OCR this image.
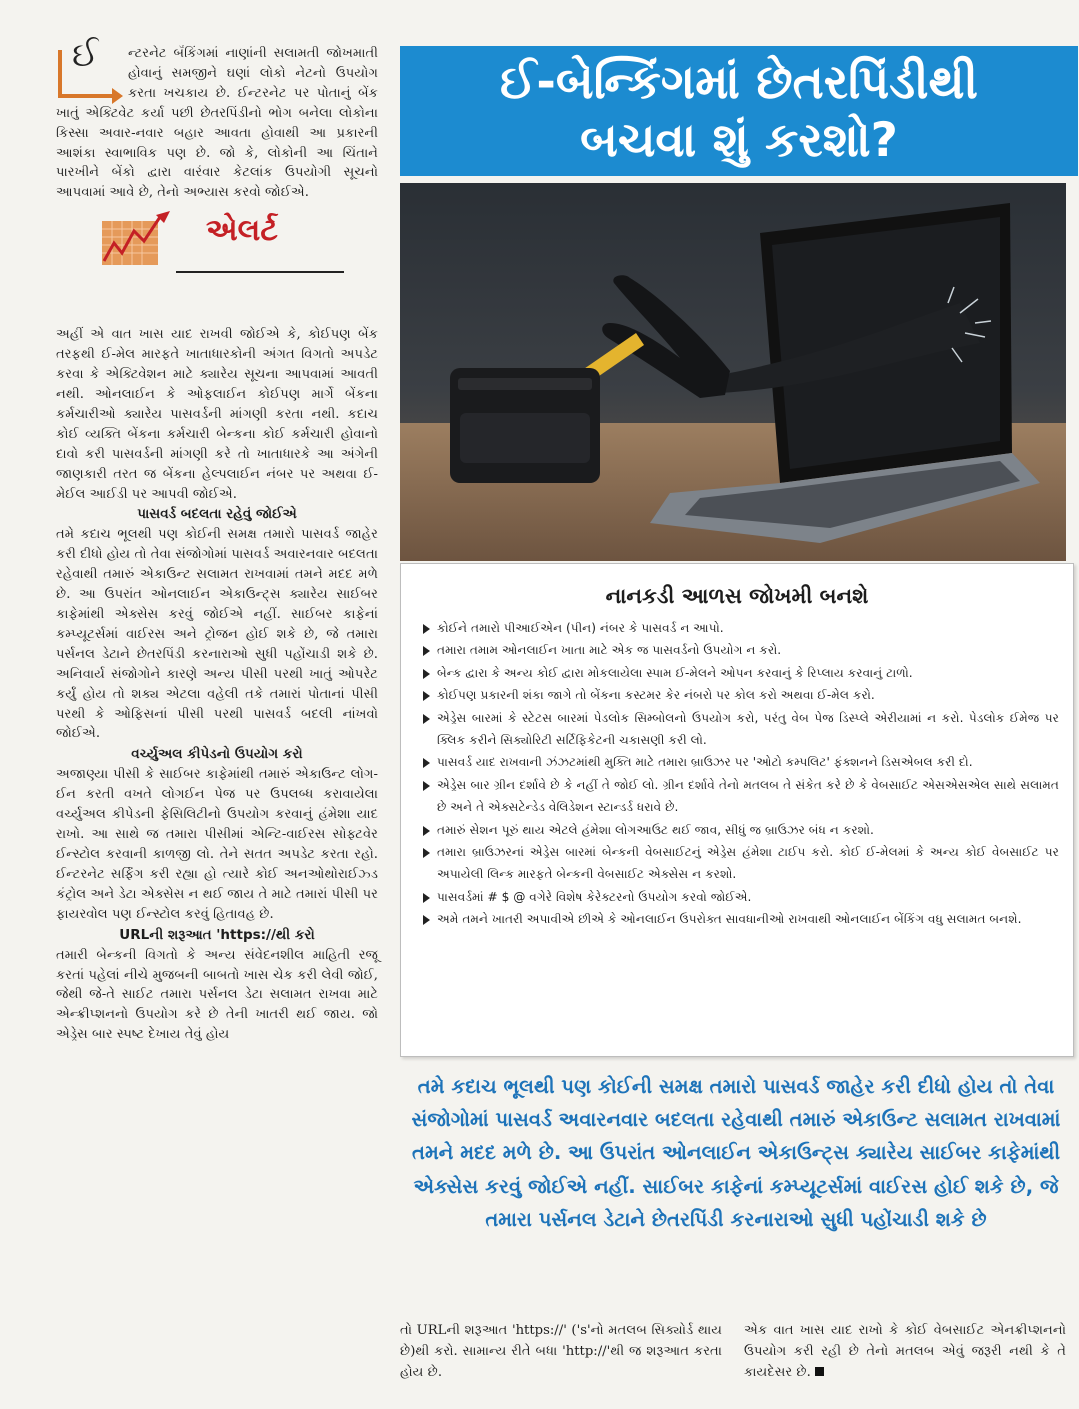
ઈ ન્ટરનેટ બૅંકિંગમાં નાણાંની સલામતી જોખમાતી હોવાનું સમજીને ઘણાં લોકો નેટનો ઉપયોગ કરતા ખચકાય છે. ઈન્ટરનેટ પર પોતાનું બેંક ખાતું એક્ટિવેટ કર્યા પછી છેતરપિંડીનો ભોગ બનેલા લોકોના કિસ્સા અવાર-નવાર બહાર આવતા હોવાથી આ પ્રકારની આશંકા સ્વાભાવિક પણ છે. જો કે, લોકોની આ ચિંતાને પારખીને બેંકો દ્વારા વારંવાર કેટલાંક ઉપયોગી સૂચનો આપવામાં આવે છે, તેનો અભ્યાસ કરવો જોઈએ.
એલર્ટ

અહીં એ વાત ખાસ યાદ રાખવી જોઈએ કે, કોઈપણ બેંક તરફથી ઈ-મેલ મારફતે ખાતાધારકોની અંગત વિગતો અપડેટ કરવા કે એક્ટિવેશન માટે ક્યારેય સૂચના આપવામાં આવતી નથી. ઓનલાઈન કે ઓફલાઈન કોઈપણ માર્ગે બેંકના કર્મચારીઓ ક્યારેય પાસવર્ડની માંગણી કરતા નથી. કદાચ કોઈ વ્યક્તિ બેંકના કર્મચારી બેન્કના કોઈ કર્મચારી હોવાનો દાવો કરી પાસવર્ડની માંગણી કરે તો ખાતાધારકે આ અંગેની જાણકારી તરત જ બેંકના હેલ્પલાઈન નંબર પર અથવા ઈ-મેઈલ આઈડી પર આપવી જોઈએ.

પાસવર્ડ બદલતા રહેવું જોઈએ

તમે કદાચ ભૂલથી પણ કોઈની સમક્ષ તમારો પાસવર્ડ જાહેર કરી દીધો હોય તો તેવા સંજોગોમાં પાસવર્ડ અવારનવાર બદલતા રહેવાથી તમારું એકાઉન્ટ સલામત રાખવામાં તમને મદદ મળે છે. આ ઉપરાંત ઓનલાઈન એકાઉન્ટ્સ ક્યારેય સાઈબર કાફેમાંથી એક્સેસ કરવું જોઈએ નહીં. સાઈબર કાફેનાં કમ્પ્યૂટર્સમાં વાઈરસ અને ટ્રોજન હોઈ શકે છે, જે તમારા પર્સનલ ડેટાને છેતરપિંડી કરનારાઓ સુધી પહોંચાડી શકે છે. અનિવાર્ય સંજોગોને કારણે અન્ય પીસી પરથી ખાતું ઓપરેટ કર્યું હોય તો શક્ય એટલા વહેલી તકે તમારાં પોતાનાં પીસી પરથી કે ઓફિસનાં પીસી પરથી પાસવર્ડ બદલી નાંખવો જોઈએ.

વર્ચ્યુઅલ કીપેડનો ઉપયોગ કરો

અજાણ્યા પીસી કે સાઈબર કાફેમાંથી તમારું એકાઉન્ટ લોગ-ઈન કરતી વખતે લોગઈન પેજ પર ઉપલબ્ધ કરાવાયેલા વર્ચ્યુઅલ કીપેડની ફેસિલિટીનો ઉપયોગ કરવાનું હંમેશા યાદ રાખો. આ સાથે જ તમારા પીસીમાં એન્ટિ-વાઈરસ સોફ્ટવેર ઈન્સ્ટોલ કરવાની કાળજી લો. તેને સતત અપડેટ કરતા રહો. ઈન્ટરનેટ સર્ફિંગ કરી રહ્યા હો ત્યારે કોઈ અનઓથોરાઈઝ્ડ કંટ્રોલ અને ડેટા એક્સેસ ન થઈ જાય તે માટે તમારાં પીસી પર ફાયરવોલ પણ ઈન્સ્ટોલ કરવું હિતાવહ છે.

URLની શરૂઆત 'https://થી કરો

તમારી બેન્કની વિગતો કે અન્ય સંવેદનશીલ માહિતી રજૂ કરતાં પહેલાં નીચે મુજબની બાબતો ખાસ ચેક કરી લેવી જોઈ, જેથી જે-તે સાઈટ તમારા પર્સનલ ડેટા સલામત રાખવા માટે એન્ક્રીપ્શનનો ઉપયોગ કરે છે તેની ખાતરી થઈ જાય. જો એડ્રેસ બાર સ્પષ્ટ દેખાય તેવું હોય

ઈ-બેન્કિંગમાં છેતરપિંડીથી
બચવા શું કરશો?
નાનકડી આળસ જોખમી બનશે
કોઈને તમારો પીઆઈએન (પીન) નંબર કે પાસવર્ડ ન આપો.
તમારા તમામ ઓનલાઈન ખાતા માટે એક જ પાસવર્ડનો ઉપયોગ ન કરો.
બેન્ક દ્વારા કે અન્ય કોઈ દ્વારા મોકલાયેલા સ્પામ ઈ-મેલને ઓપન કરવાનું કે રિપ્લાય કરવાનું ટાળો.
કોઈપણ પ્રકારની શંકા જાગે તો બેંકના કસ્ટમર કેર નંબરો પર કોલ કરો અથવા ઈ-મેલ કરો.
એડ્રેસ બારમાં કે સ્ટેટસ બારમાં પેડલોક સિમ્બોલનો ઉપયોગ કરો, પરંતુ વેબ પેજ ડિસ્પ્લે એરીયામાં ન કરો. પેડલોક ઈમેજ પર ક્લિક કરીને સિક્યોરિટી સર્ટિફિકેટની ચકાસણી કરી લો.
પાસવર્ડ યાદ રાખવાની ઝંઝટમાંથી મુક્તિ માટે તમારા બ્રાઉઝર પર 'ઓટો કમ્પલિટ' ફંક્શનને ડિસએબલ કરી દો.
એડ્રેસ બાર ગ્રીન દર્શાવે છે કે નહીં તે જોઈ લો. ગ્રીન દર્શાવે તેનો મતલબ તે સંકેત કરે છે કે વેબસાઈટ એસએસએલ સાથે સલામત છે અને તે એક્સટેન્ડેડ વેલિડેશન સ્ટાન્ડર્ડ ધરાવે છે.
તમારું સેશન પૂરું થાય એટલે હંમેશા લોગઆઉટ થઈ જાવ, સીધું જ બ્રાઉઝર બંધ ન કરશો.
તમારા બ્રાઉઝરનાં એડ્રેસ બારમાં બેન્કની વેબસાઈટનું એડ્રેસ હંમેશા ટાઈપ કરો. કોઈ ઈ-મેલમાં કે અન્ય કોઈ વેબસાઈટ પર અપાયેલી લિન્ક મારફતે બેન્કની વેબસાઈટ એક્સેસ ન કરશો.
પાસવર્ડમાં # $ @ વગેરે વિશેષ કેરેક્ટરનો ઉપયોગ કરવો જોઈએ.
અમે તમને ખાતરી અપાવીએ છીએ કે ઓનલાઈન ઉપરોક્ત સાવધાનીઓ રાખવાથી ઓનલાઈન બેંકિંગ વધુ સલામત બનશે.
તમે કદાચ ભૂલથી પણ કોઈની સમક્ષ તમારો પાસવર્ડ જાહેર કરી દીધો હોય તો તેવા સંજોગોમાં પાસવર્ડ અવારનવાર બદલતા રહેવાથી તમારું એકાઉન્ટ સલામત રાખવામાં તમને મદદ મળે છે. આ ઉપરાંત ઓનલાઈન એકાઉન્ટ્સ ક્યારેય સાઈબર કાફેમાંથી એક્સેસ કરવું જોઈએ નહીં. સાઈબર કાફેનાં કમ્પ્યૂટર્સમાં વાઈરસ હોઈ શકે છે, જે તમારા પર્સનલ ડેટાને છેતરપિંડી કરનારાઓ સુધી પહોંચાડી શકે છે
તો URLની શરૂઆત 'https://' ('s'નો મતલબ સિક્યોર્ડ થાય છે)થી કરો. સામાન્ય રીતે બધા 'http://'થી જ શરૂઆત કરતા હોય છે.
એક વાત ખાસ યાદ રાખો કે કોઈ વેબસાઈટ એનક્રીપ્શનનો ઉપયોગ કરી રહી છે તેનો મતલબ એવું જરૂરી નથી કે તે કાયદેસર છે.
